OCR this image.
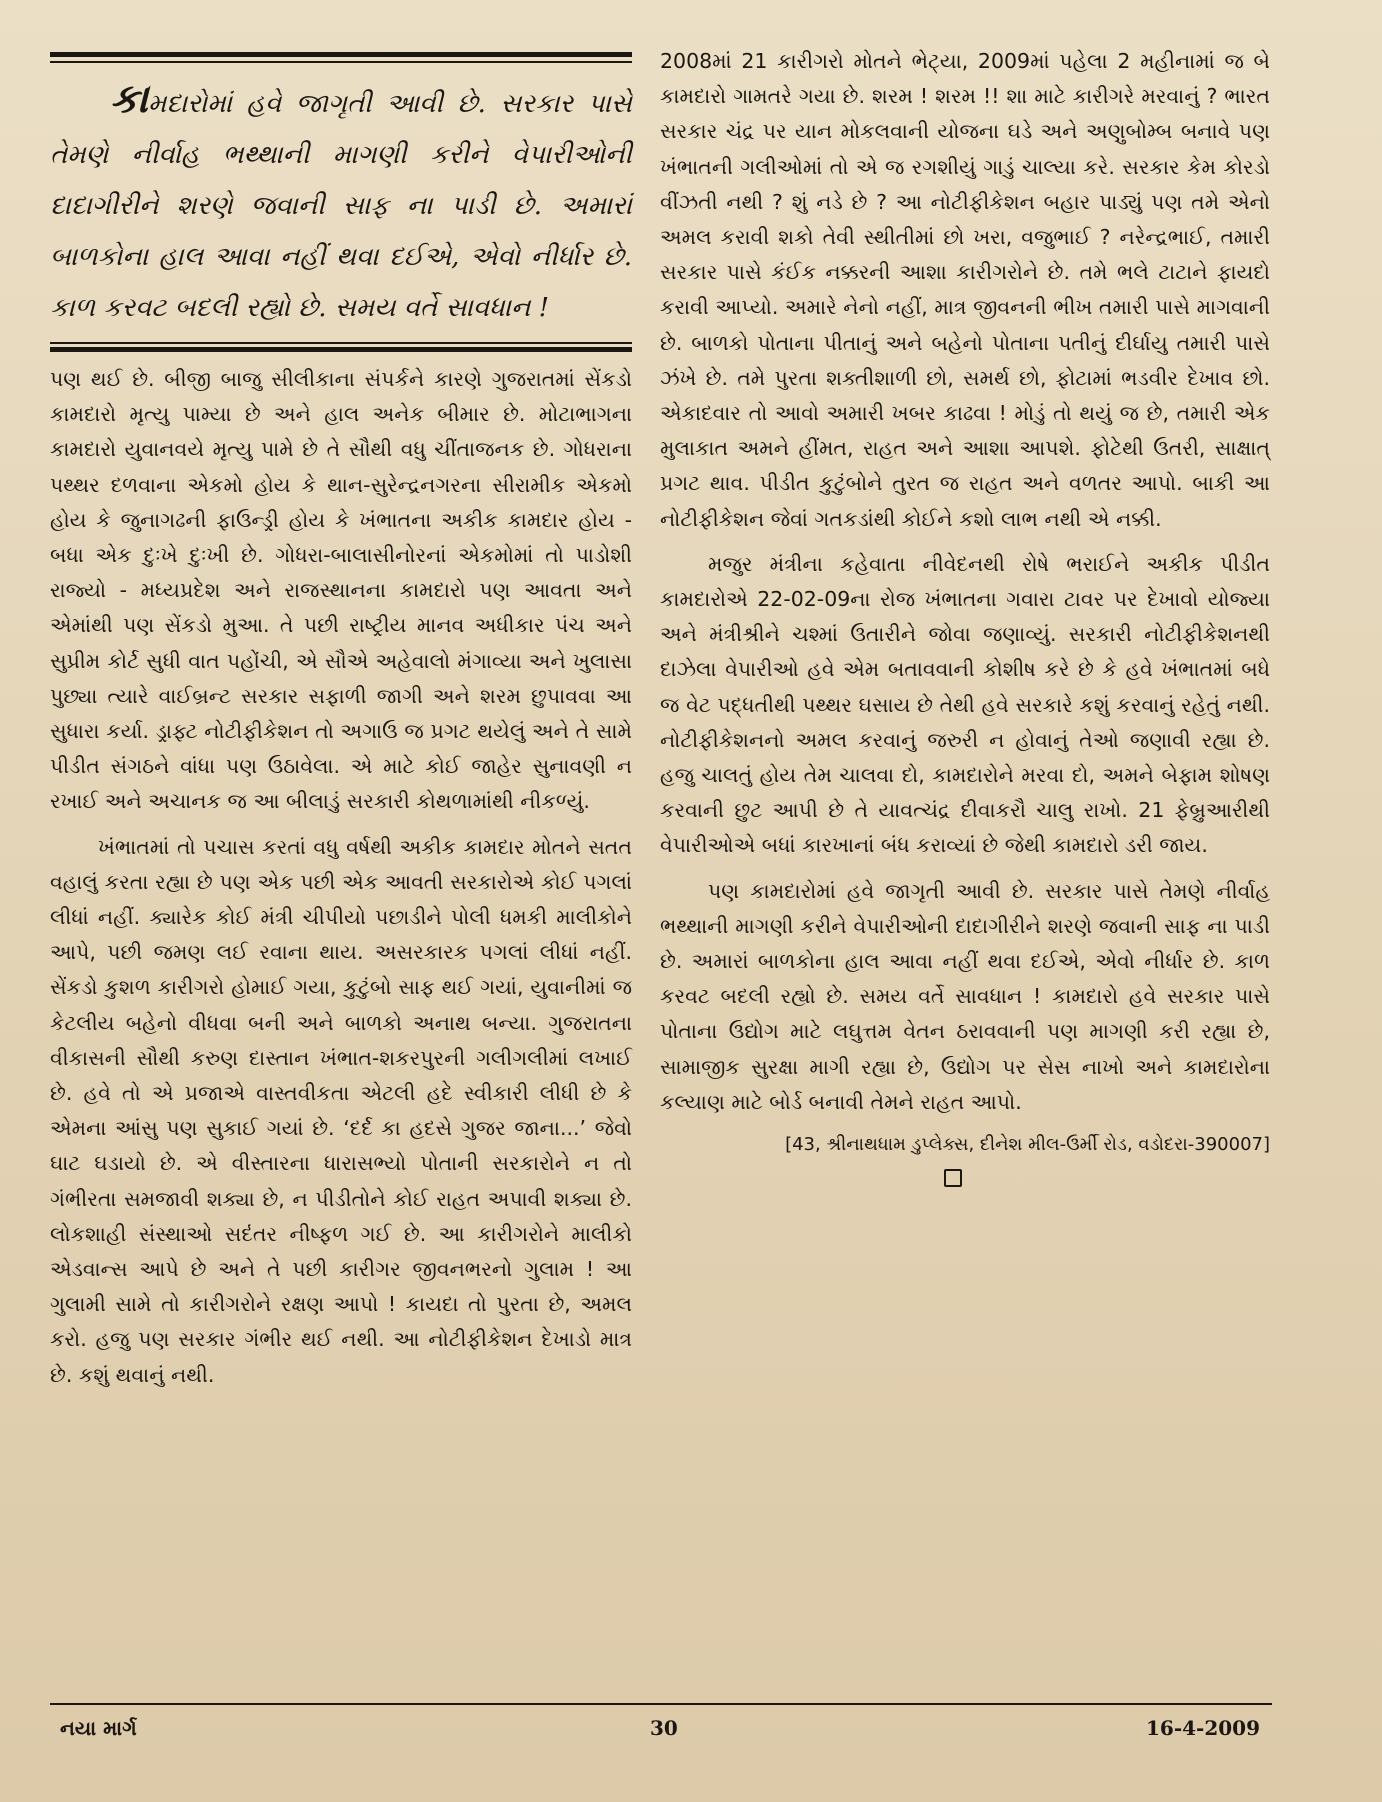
કામદારોમાં હવે જાગૃતી આવી છે. સરકાર પાસે તેમણે નીર્વાહ ભથ્થાની માગણી કરીને વેપારીઓની દાદાગીરીને શરણે જવાની સાફ ના પાડી છે. અમારાં બાળકોના હાલ આવા નહીં થવા દઈએ, એવો નીર્ધાર છે. કાળ કરવટ બદલી રહ્યો છે. સમય વર્તે સાવધાન !

પણ થઈ છે. બીજી બાજુ સીલીકાના સંપર્કને કારણે ગુજરાતમાં સેંકડો કામદારો મૃત્યુ પામ્યા છે અને હાલ અનેક બીમાર છે. મોટાભાગના કામદારો યુવાનવયે મૃત્યુ પામે છે તે સૌથી વધુ ચીંતાજનક છે. ગોધરાના પથ્થર દળવાના એકમો હોય કે થાન-સુરેન્દ્રનગરના સીરામીક એકમો હોય કે જુનાગઢની ફાઉન્ડ્રી હોય કે ખંભાતના અકીક કામદાર હોય - બધા એક દુઃખે દુઃખી છે. ગોધરા-બાલાસીનોરનાં એકમોમાં તો પાડોશી રાજ્યો - મધ્યપ્રદેશ અને રાજસ્થાનના કામદારો પણ આવતા અને એમાંથી પણ સેંકડો મુઆ. તે પછી રાષ્ટ્રીય માનવ અધીકાર પંચ અને સુપ્રીમ કોર્ટ સુધી વાત પહોંચી, એ સૌએ અહેવાલો મંગાવ્યા અને ખુલાસા પુછ્યા ત્યારે વાઈબ્રન્ટ સરકાર સફાળી જાગી અને શરમ છુપાવવા આ સુધારા કર્યા. ડ્રાફ્ટ નોટીફીકેશન તો અગાઉ જ પ્રગટ થયેલું અને તે સામે પીડીત સંગઠને વાંધા પણ ઉઠાવેલા. એ માટે કોઈ જાહેર સુનાવણી ન રખાઈ અને અચાનક જ આ બીલાડું સરકારી કોથળામાંથી નીકળ્યું.

ખંભાતમાં તો પચાસ કરતાં વધુ વર્ષથી અકીક કામદાર મોતને સતત વહાલું કરતા રહ્યા છે પણ એક પછી એક આવતી સરકારોએ કોઈ પગલાં લીધાં નહીં. ક્યારેક કોઈ મંત્રી ચીપીયો પછાડીને પોલી ધમકી માલીકોને આપે, પછી જમણ લઈ રવાના થાય. અસરકારક પગલાં લીધાં નહીં. સેંકડો કુશળ કારીગરો હોમાઈ ગયા, કુટુંબો સાફ થઈ ગયાં, યુવાનીમાં જ કેટલીય બહેનો વીધવા બની અને બાળકો અનાથ બન્યા. ગુજરાતના વીકાસની સૌથી કરુણ દાસ્તાન ખંભાત-શકરપુરની ગલીગલીમાં લખાઈ છે. હવે તો એ પ્રજાએ વાસ્તવીકતા એટલી હદે સ્વીકારી લીધી છે કે એમના આંસુ પણ સુકાઈ ગયાં છે. ‘દર્દ કા હદસે ગુજર જાના...’ જેવો ઘાટ ઘડાયો છે. એ વીસ્તારના ધારાસભ્યો પોતાની સરકારોને ન તો ગંભીરતા સમજાવી શક્યા છે, ન પીડીતોને કોઈ રાહત અપાવી શક્યા છે. લોકશાહી સંસ્થાઓ સદંતર નીષ્ફળ ગઈ છે. આ કારીગરોને માલીકો એડવાન્સ આપે છે અને તે પછી કારીગર જીવનભરનો ગુલામ ! આ ગુલામી સામે તો કારીગરોને રક્ષણ આપો ! કાયદા તો પુરતા છે, અમલ કરો. હજુ પણ સરકાર ગંભીર થઈ નથી. આ નોટીફીકેશન દેખાડો માત્ર છે. કશું થવાનું નથી.

2008માં 21 કારીગરો મોતને ભેટ્યા, 2009માં પહેલા 2 મહીનામાં જ બે કામદારો ગામતરે ગયા છે. શરમ ! શરમ !! શા માટે કારીગરે મરવાનું ? ભારત સરકાર ચંદ્ર પર યાન મોકલવાની યોજના ઘડે અને અણુબોમ્બ બનાવે પણ ખંભાતની ગલીઓમાં તો એ જ રગશીયું ગાડું ચાલ્યા કરે. સરકાર કેમ કોરડો વીંઝતી નથી ? શું નડે છે ? આ નોટીફીકેશન બહાર પાડ્યું પણ તમે એનો અમલ કરાવી શકો તેવી સ્થીતીમાં છો ખરા, વજુભાઈ ? નરેન્દ્રભાઈ, તમારી સરકાર પાસે કંઈક નક્કરની આશા કારીગરોને છે. તમે ભલે ટાટાને ફાયદો કરાવી આપ્યો. અમારે નેનો નહીં, માત્ર જીવનની ભીખ તમારી પાસે માગવાની છે. બાળકો પોતાના પીતાનું અને બહેનો પોતાના પતીનું દીર્ઘાયુ તમારી પાસે ઝંખે છે. તમે પુરતા શક્તીશાળી છો, સમર્થ છો, ફોટામાં ભડવીર દેખાવ છો. એકાદવાર તો આવો અમારી ખબર કાઢવા ! મોડું તો થયું જ છે, તમારી એક મુલાકાત અમને હીંમત, રાહત અને આશા આપશે. ફોટેથી ઉતરી, સાક્ષાત્ પ્રગટ થાવ. પીડીત કુટુંબોને તુરત જ રાહત અને વળતર આપો. બાકી આ નોટીફીકેશન જેવાં ગતકડાંથી કોઈને કશો લાભ નથી એ નક્કી.

મજુર મંત્રીના કહેવાતા નીવેદનથી રોષે ભરાઈને અકીક પીડીત કામદારોએ 22-02-09ના રોજ ખંભાતના ગવારા ટાવર પર દેખાવો યોજ્યા અને મંત્રીશ્રીને ચશ્માં ઉતારીને જોવા જણાવ્યું. સરકારી નોટીફીકેશનથી દાઝેલા વેપારીઓ હવે એમ બતાવવાની કોશીષ કરે છે કે હવે ખંભાતમાં બધે જ વેટ પદ્ધતીથી પથ્થર ઘસાય છે તેથી હવે સરકારે કશું કરવાનું રહેતું નથી. નોટીફીકેશનનો અમલ કરવાનું જરુરી ન હોવાનું તેઓ જણાવી રહ્યા છે. હજુ ચાલતું હોય તેમ ચાલવા દો, કામદારોને મરવા દો, અમને બેફામ શોષણ કરવાની છુટ આપી છે તે યાવત્ચંદ્ર દીવાકરૌ ચાલુ રાખો. 21 ફેબ્રુઆરીથી વેપારીઓએ બધાં કારખાનાં બંધ કરાવ્યાં છે જેથી કામદારો ડરી જાય.

પણ કામદારોમાં હવે જાગૃતી આવી છે. સરકાર પાસે તેમણે નીર્વાહ ભથ્થાની માગણી કરીને વેપારીઓની દાદાગીરીને શરણે જવાની સાફ ના પાડી છે. અમારાં બાળકોના હાલ આવા નહીં થવા દઈએ, એવો નીર્ધાર છે. કાળ કરવટ બદલી રહ્યો છે. સમય વર્તે સાવધાન ! કામદારો હવે સરકાર પાસે પોતાના ઉદ્યોગ માટે લઘુત્તમ વેતન ઠરાવવાની પણ માગણી કરી રહ્યા છે, સામાજીક સુરક્ષા માગી રહ્યા છે, ઉદ્યોગ પર સેસ નાખો અને કામદારોના કલ્યાણ માટે બોર્ડ બનાવી તેમને રાહત આપો.

[43, શ્રીનાથધામ ડુપ્લેક્સ, દીનેશ મીલ-ઉર્મી રોડ, વડોદરા-390007]
નયા માર્ગ	30	16-4-2009
